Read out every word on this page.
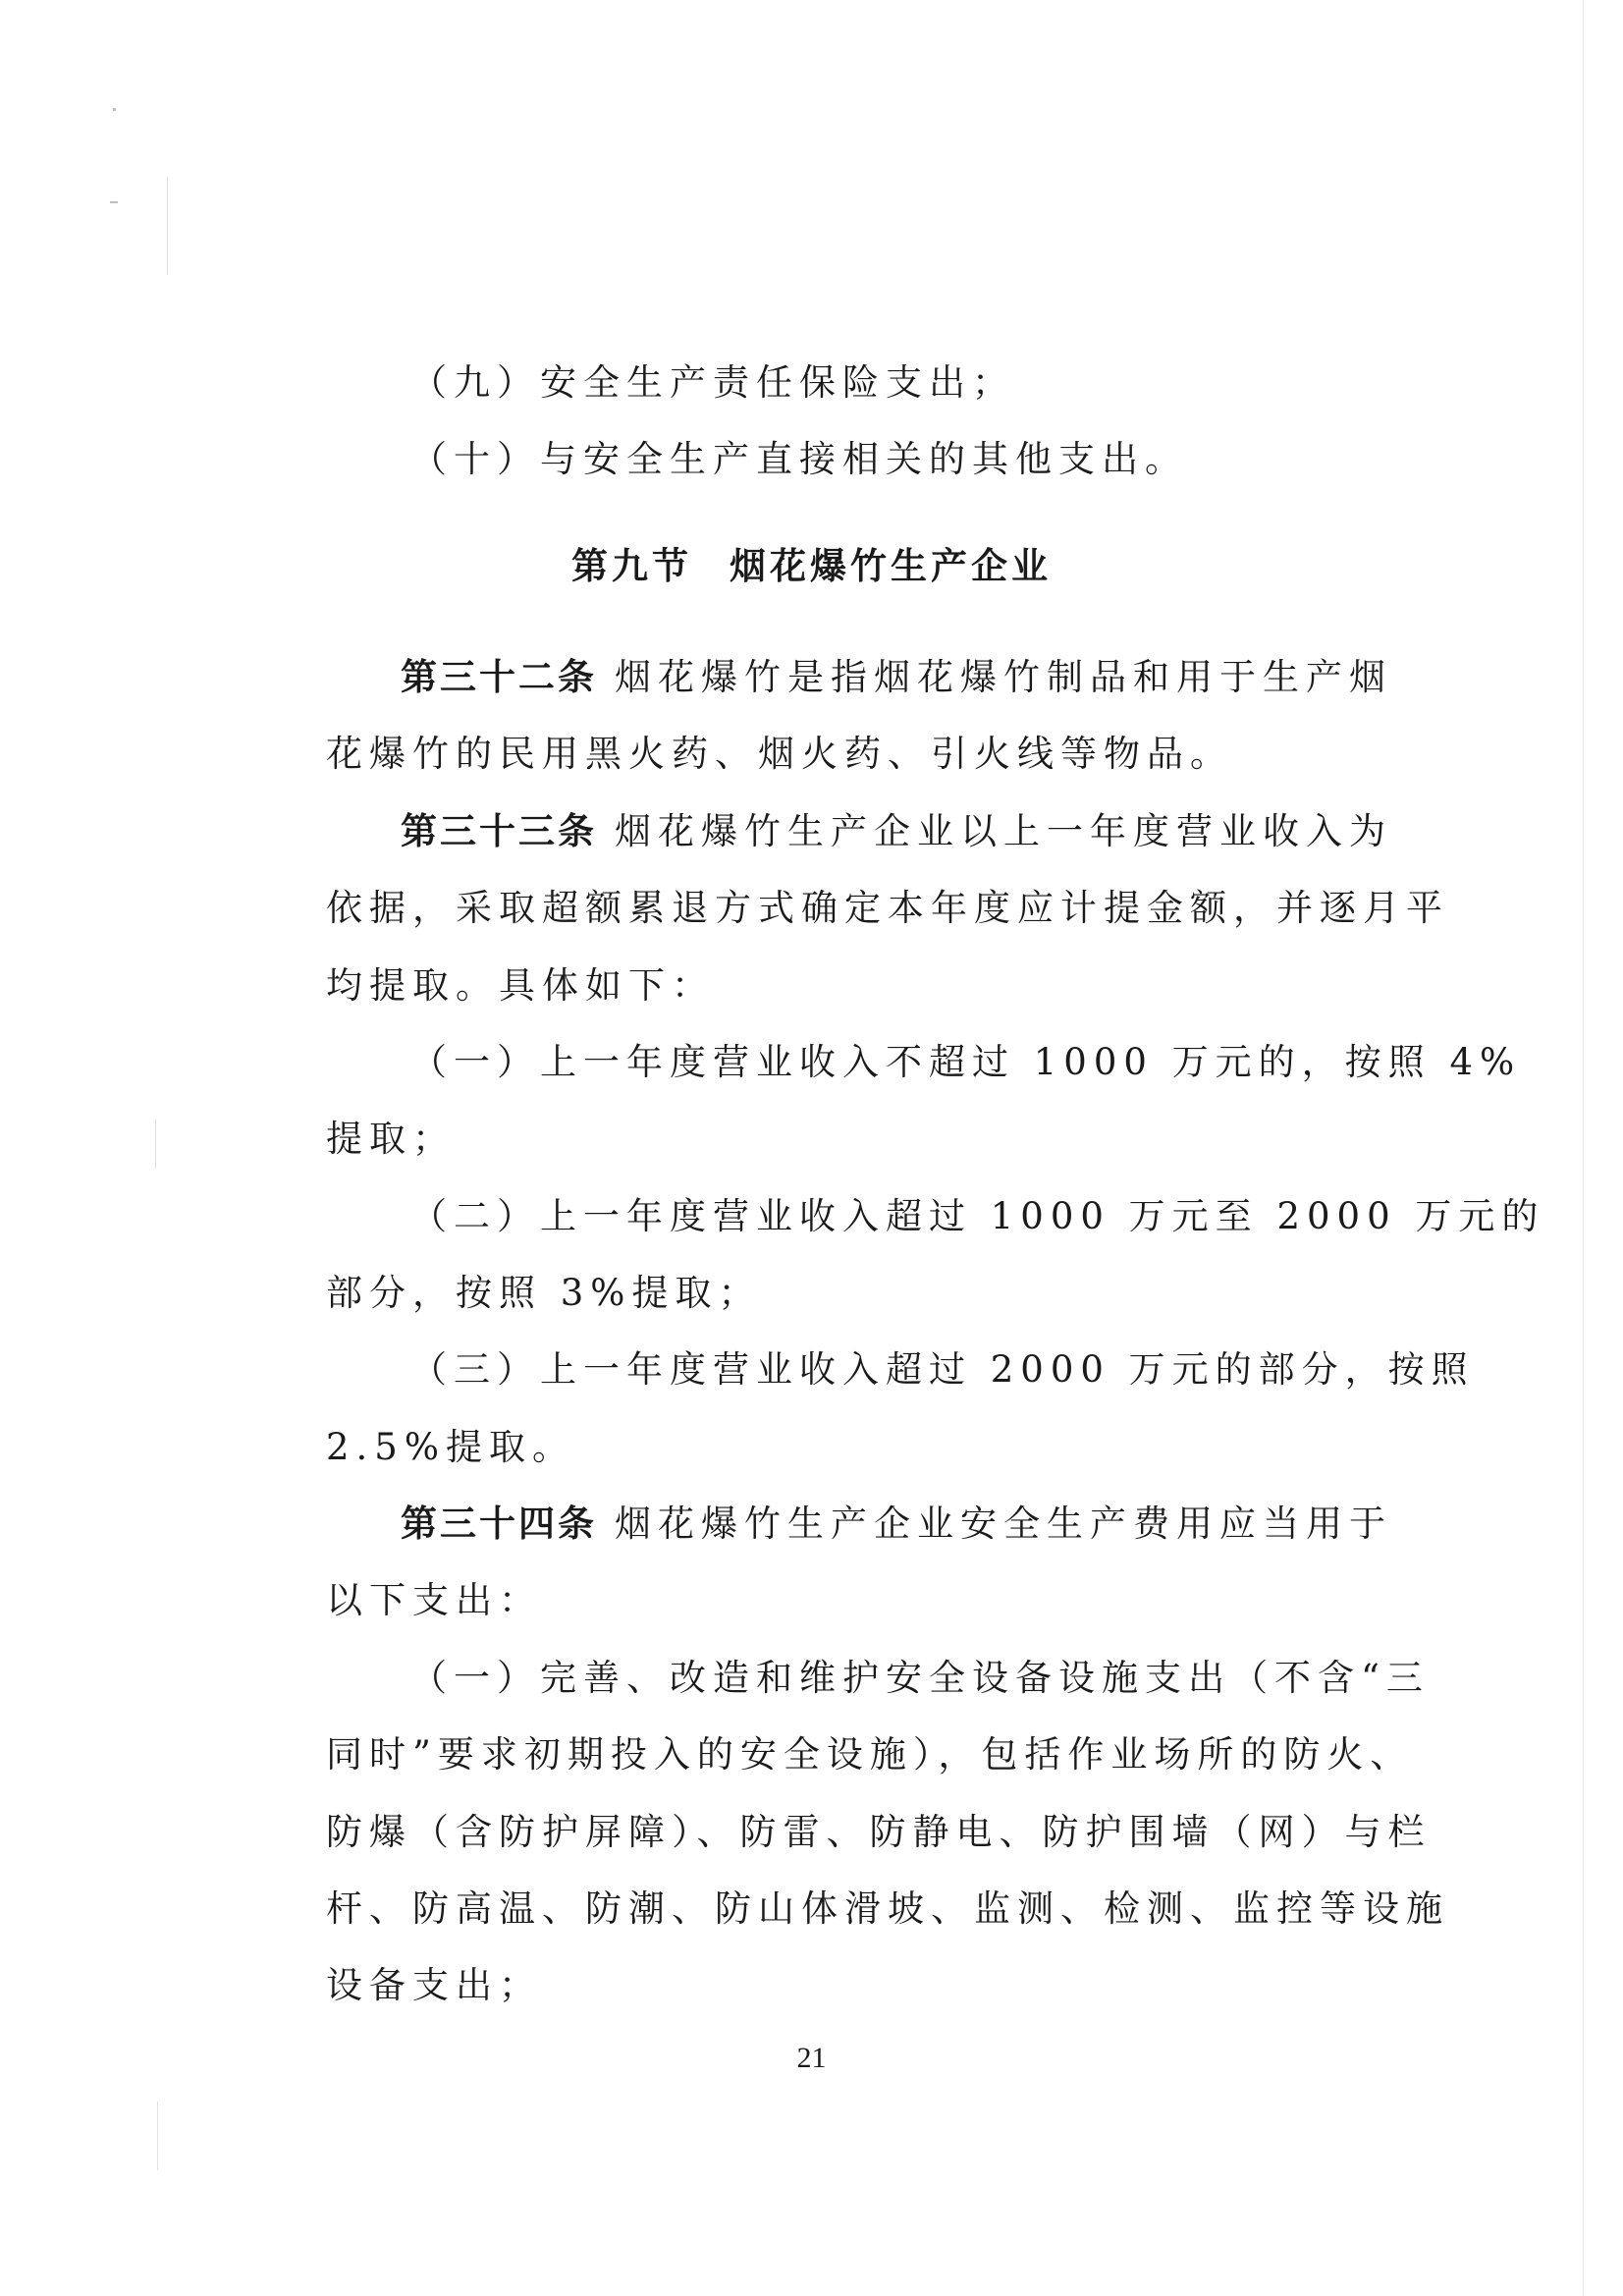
（九）安全生产责任保险支出；
（十）与安全生产直接相关的其他支出。
第九节 烟花爆竹生产企业
第三十二条 烟花爆竹是指烟花爆竹制品和用于生产烟
花爆竹的民用黑火药、烟火药、引火线等物品。
第三十三条 烟花爆竹生产企业以上一年度营业收入为
依据，采取超额累退方式确定本年度应计提金额，并逐月平
均提取。具体如下：
（一）上一年度营业收入不超过 1000 万元的，按照 4%
提取；
（二）上一年度营业收入超过 1000 万元至 2000 万元的
部分，按照 3%提取；
（三）上一年度营业收入超过 2000 万元的部分，按照
2.5%提取。
第三十四条 烟花爆竹生产企业安全生产费用应当用于
以下支出：
（一）完善、改造和维护安全设备设施支出（不含“三
同时”要求初期投入的安全设施），包括作业场所的防火、
防爆（含防护屏障）、防雷、防静电、防护围墙（网）与栏
杆、防高温、防潮、防山体滑坡、监测、检测、监控等设施
设备支出；
21
